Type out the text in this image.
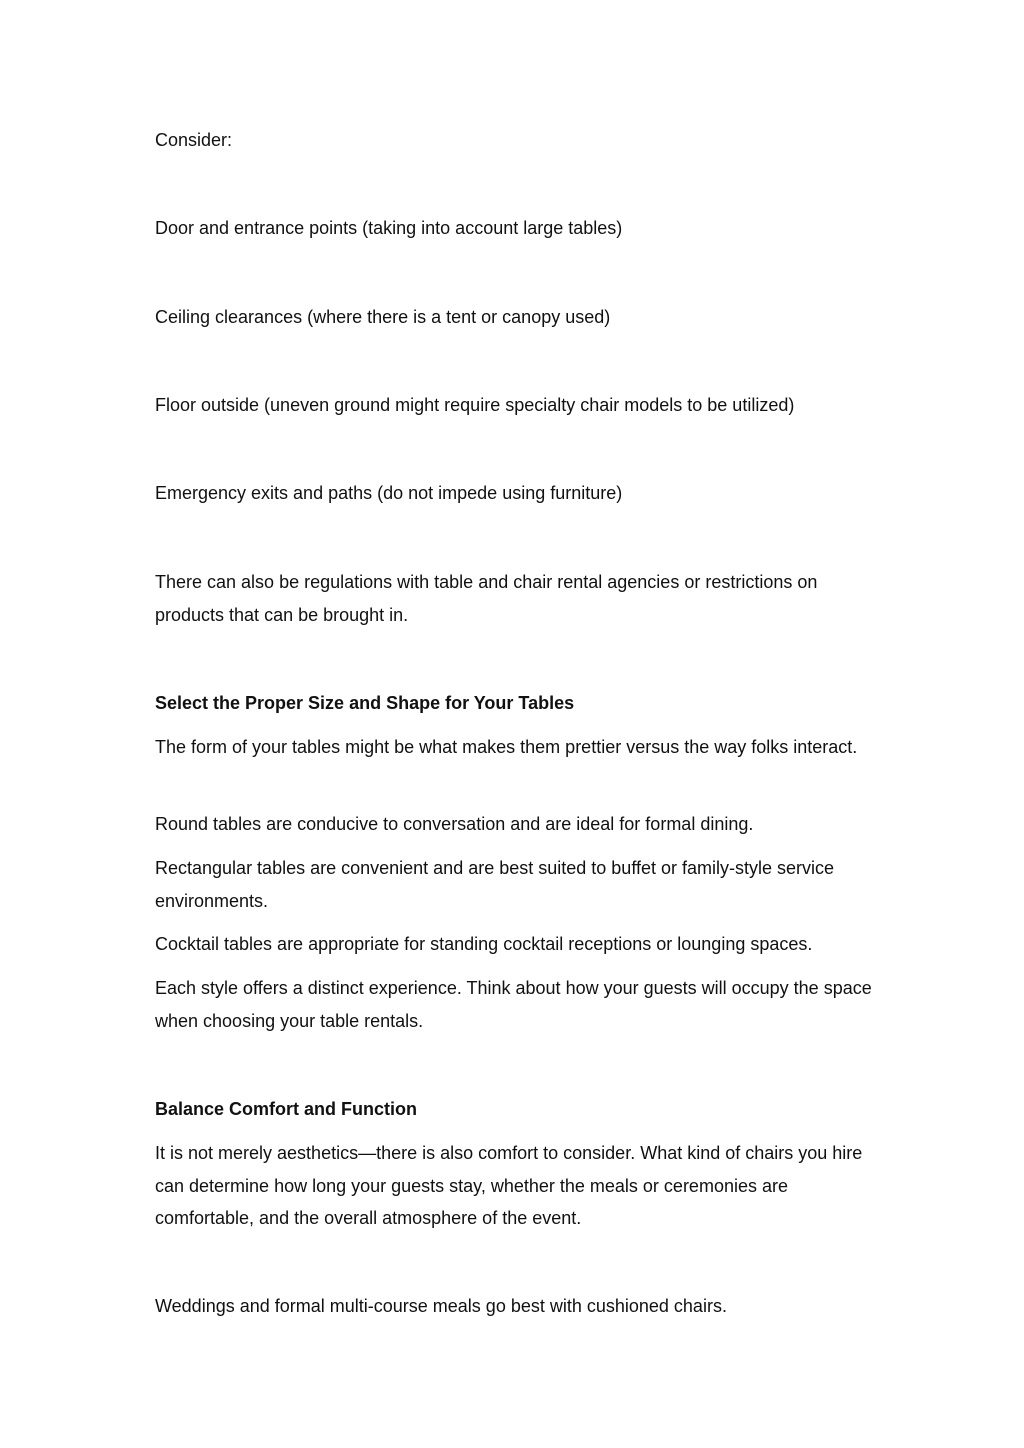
Consider:

Door and entrance points (taking into account large tables)

Ceiling clearances (where there is a tent or canopy used)

Floor outside (uneven ground might require specialty chair models to be utilized)

Emergency exits and paths (do not impede using furniture)

There can also be regulations with table and chair rental agencies or restrictions on products that can be brought in.

Select the Proper Size and Shape for Your Tables

The form of your tables might be what makes them prettier versus the way folks interact.

Round tables are conducive to conversation and are ideal for formal dining.

Rectangular tables are convenient and are best suited to buffet or family-style service environments.

Cocktail tables are appropriate for standing cocktail receptions or lounging spaces.

Each style offers a distinct experience. Think about how your guests will occupy the space when choosing your table rentals.

Balance Comfort and Function

It is not merely aesthetics—there is also comfort to consider. What kind of chairs you hire can determine how long your guests stay, whether the meals or ceremonies are comfortable, and the overall atmosphere of the event.

Weddings and formal multi-course meals go best with cushioned chairs.
